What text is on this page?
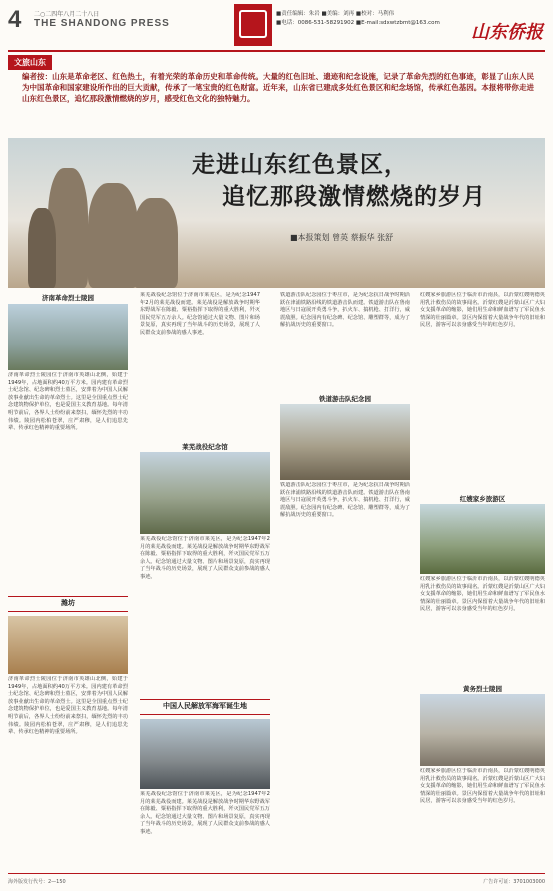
4 二○二四年八月二十八日
THE SHANDONG PRESS
■责任编辑：朱岩 ■美编：刘再 ■校对：马利伟
■电话：0086-531-58291902 ■E-mail:sdxwtzbmt@163.com	山东侨报
文旅山东
编者按：山东是革命老区、红色热土，有着光荣的革命历史和革命传统。大量的红色旧址、遗迹和纪念设施，记录了革命先烈的红色事迹，彰显了山东人民为中国革命和国家建设所作出的巨大贡献，传承了一笔宝贵的红色财富。近年来，山东省已建成多处红色景区和纪念场馆，传承红色基因。本报将带你走进山东红色景区，追忆那段激情燃烧的岁月，感受红色文化的独特魅力。
走进山东红色景区，
追忆那段激情燃烧的岁月
■本报策划 曾英 蔡振华 张舒
济南革命烈士陵园
济南革命烈士陵园位于济南市英雄山北侧，始建于1949年，占地面积约40万平方米。园内建有革命烈士纪念馆、纪念碑和烈士墓区，安葬着为中国人民解放事业献出生命的革命烈士。这里是全国重点烈士纪念建筑物保护单位，也是爱国主义教育基地。每年清明节前后，各界人士纷纷前来祭扫，缅怀先烈的丰功伟绩。陵园内松柏苍翠，庄严肃穆，是人们追思先辈、传承红色精神的重要场所。
潍坊
济南革命烈士陵园位于济南市英雄山北侧，始建于1949年，占地面积约40万平方米。园内建有革命烈士纪念馆、纪念碑和烈士墓区，安葬着为中国人民解放事业献出生命的革命烈士。这里是全国重点烈士纪念建筑物保护单位，也是爱国主义教育基地。每年清明节前后，各界人士纷纷前来祭扫，缅怀先烈的丰功伟绩。陵园内松柏苍翠，庄严肃穆，是人们追思先辈、传承红色精神的重要场所。
莱芜战役纪念馆位于济南市莱芜区，是为纪念1947年2月的莱芜战役而建。莱芜战役是解放战争时期华东野战军在陈毅、粟裕指挥下取得的重大胜利，歼灭国民党军五万余人。纪念馆通过大量文物、图片和场景复原，真实再现了当年战斗的历史场景，展现了人民群众支前参战的感人事迹。
莱芜战役纪念馆
莱芜战役纪念馆位于济南市莱芜区，是为纪念1947年2月的莱芜战役而建。莱芜战役是解放战争时期华东野战军在陈毅、粟裕指挥下取得的重大胜利，歼灭国民党军五万余人。纪念馆通过大量文物、图片和场景复原，真实再现了当年战斗的历史场景，展现了人民群众支前参战的感人事迹。
中国人民解放军海军诞生地
莱芜战役纪念馆位于济南市莱芜区，是为纪念1947年2月的莱芜战役而建。莱芜战役是解放战争时期华东野战军在陈毅、粟裕指挥下取得的重大胜利，歼灭国民党军五万余人。纪念馆通过大量文物、图片和场景复原，真实再现了当年战斗的历史场景，展现了人民群众支前参战的感人事迹。
铁道游击队纪念园位于枣庄市，是为纪念抗日战争时期活跃在津浦铁路沿线的铁道游击队而建。铁道游击队在鲁南地区与日寇展开英勇斗争，扒火车、搞机枪、打洋行，威震敌胆。纪念园内有纪念碑、纪念馆、雕塑群等，成为了解抗战历史的重要窗口。
铁道游击队纪念园
铁道游击队纪念园位于枣庄市，是为纪念抗日战争时期活跃在津浦铁路沿线的铁道游击队而建。铁道游击队在鲁南地区与日寇展开英勇斗争，扒火车、搞机枪、打洋行，威震敌胆。纪念园内有纪念碑、纪念馆、雕塑群等，成为了解抗战历史的重要窗口。
红嫂家乡旅游区位于临沂市沂南县，以沂蒙红嫂明德英用乳汁救伤员的故事闻名。沂蒙红嫂是沂蒙山区广大妇女支援革命的缩影，她们用生命和鲜血谱写了军民鱼水情深的壮丽篇章。景区内保留着大量战争年代的旧址和民居，游客可以亲身感受当年的红色岁月。
红嫂家乡旅游区
红嫂家乡旅游区位于临沂市沂南县，以沂蒙红嫂明德英用乳汁救伤员的故事闻名。沂蒙红嫂是沂蒙山区广大妇女支援革命的缩影，她们用生命和鲜血谱写了军民鱼水情深的壮丽篇章。景区内保留着大量战争年代的旧址和民居，游客可以亲身感受当年的红色岁月。
黄务烈士陵园
红嫂家乡旅游区位于临沂市沂南县，以沂蒙红嫂明德英用乳汁救伤员的故事闻名。沂蒙红嫂是沂蒙山区广大妇女支援革命的缩影，她们用生命和鲜血谱写了军民鱼水情深的壮丽篇章。景区内保留着大量战争年代的旧址和民居，游客可以亲身感受当年的红色岁月。
海外版发行代号：2—150	广告许可证：3701003000
